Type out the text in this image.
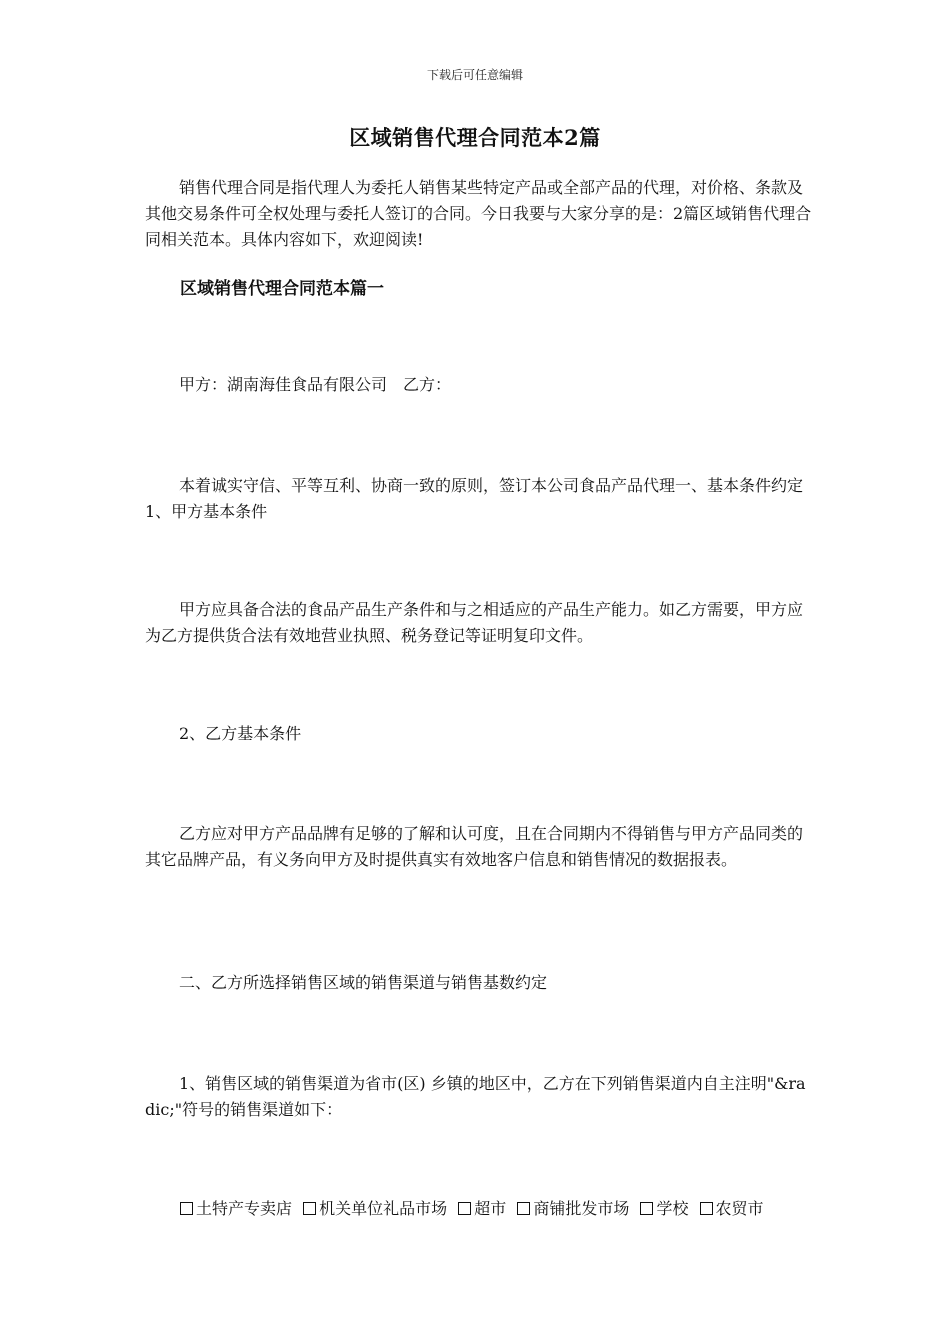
下载后可任意编辑
区域销售代理合同范本2篇

销售代理合同是指代理人为委托人销售某些特定产品或全部产品的代理，对价格、条款及其他交易条件可全权处理与委托人签订的合同。今日我要与大家分享的是：2篇区域销售代理合同相关范本。具体内容如下，欢迎阅读!

区域销售代理合同范本篇一

甲方：湖南海佳食品有限公司　乙方：

本着诚实守信、平等互利、协商一致的原则，签订本公司食品产品代理一、基本条件约定 1、甲方基本条件

甲方应具备合法的食品产品生产条件和与之相适应的产品生产能力。如乙方需要，甲方应为乙方提供货合法有效地营业执照、税务登记等证明复印文件。

2、乙方基本条件

乙方应对甲方产品品牌有足够的了解和认可度，且在合同期内不得销售与甲方产品同类的其它品牌产品，有义务向甲方及时提供真实有效地客户信息和销售情况的数据报表。

二、乙方所选择销售区域的销售渠道与销售基数约定

1、销售区域的销售渠道为省市(区) 乡镇的地区中，乙方在下列销售渠道内自主注明"&radic;"符号的销售渠道如下：

土特产专卖店 机关单位礼品市场 超市 商铺批发市场 学校 农贸市
